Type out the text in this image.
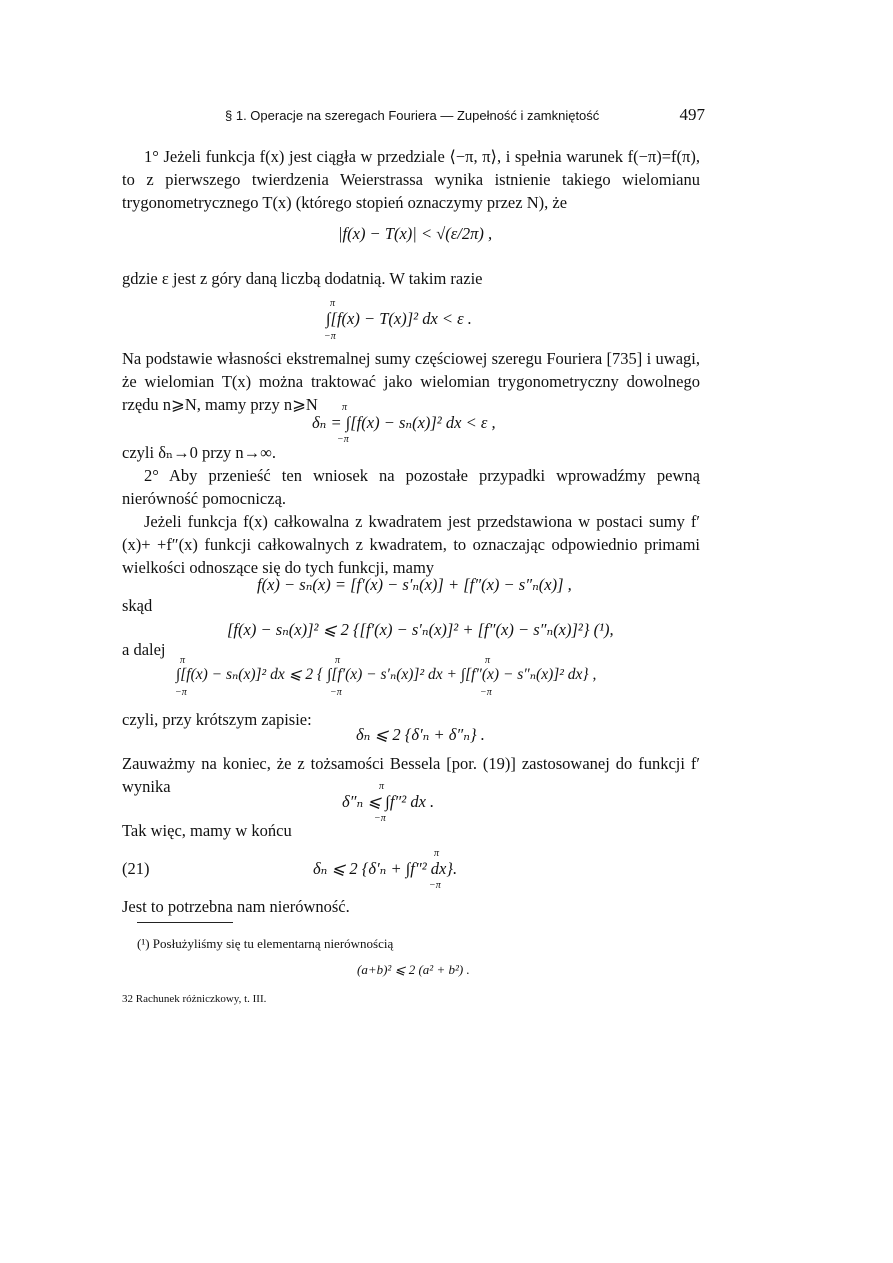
§ 1. Operacje na szeregach Fouriera — Zupełność i zamkniętość	497
1° Jeżeli funkcja f(x) jest ciągła w przedziale ⟨−π, π⟩, i spełnia warunek f(−π)=f(π), to z pierwszego twierdzenia Weierstrassa wynika istnienie takiego wielomianu trygonometrycznego T(x) (którego stopień oznaczymy przez N), że
|f(x) − T(x)| < √(ε/2π) ,
gdzie ε jest z góry daną liczbą dodatnią. W takim razie
π
∫[f(x) − T(x)]² dx < ε .
−π
Na podstawie własności ekstremalnej sumy częściowej szeregu Fouriera [735] i uwagi, że wielomian T(x) można traktować jako wielomian trygonometryczny dowolnego rzędu n⩾N, mamy przy n⩾N	π
δₙ = ∫[f(x) − sₙ(x)]² dx < ε ,
−π
czyli δₙ→0 przy n→∞.
2° Aby przenieść ten wniosek na pozostałe przypadki wprowadźmy pewną nierówność pomocniczą.
Jeżeli funkcja f(x) całkowalna z kwadratem jest przedstawiona w postaci sumy f′(x)+ +f″(x) funkcji całkowalnych z kwadratem, to oznaczając odpowiednio primami wielkości odnoszące się do tych funkcji, mamy
f(x) − sₙ(x) = [f′(x) − s′ₙ(x)] + [f″(x) − s″ₙ(x)] ,
skąd
[f(x) − sₙ(x)]² ⩽ 2 {[f′(x) − s′ₙ(x)]² + [f″(x) − s″ₙ(x)]²} (¹),
a dalej
π	π	π
∫[f(x) − sₙ(x)]² dx ⩽ 2 { ∫[f′(x) − s′ₙ(x)]² dx + ∫[f″(x) − s″ₙ(x)]² dx} ,
−π	−π	−π
czyli, przy krótszym zapisie:
δₙ ⩽ 2 {δ′ₙ + δ″ₙ} .
Zauważmy na koniec, że z tożsamości Bessela [por. (19)] zastosowanej do funkcji f′ wynika	π
δ″ₙ ⩽ ∫f″² dx .
−π
Tak więc, mamy w końcu
(21)
π
δₙ ⩽ 2 {δ′ₙ + ∫f″² dx}.
−π
Jest to potrzebna nam nierówność.
(¹) Posłużyliśmy się tu elementarną nierównością
(a+b)² ⩽ 2 (a² + b²) .
32 Rachunek różniczkowy, t. III.
